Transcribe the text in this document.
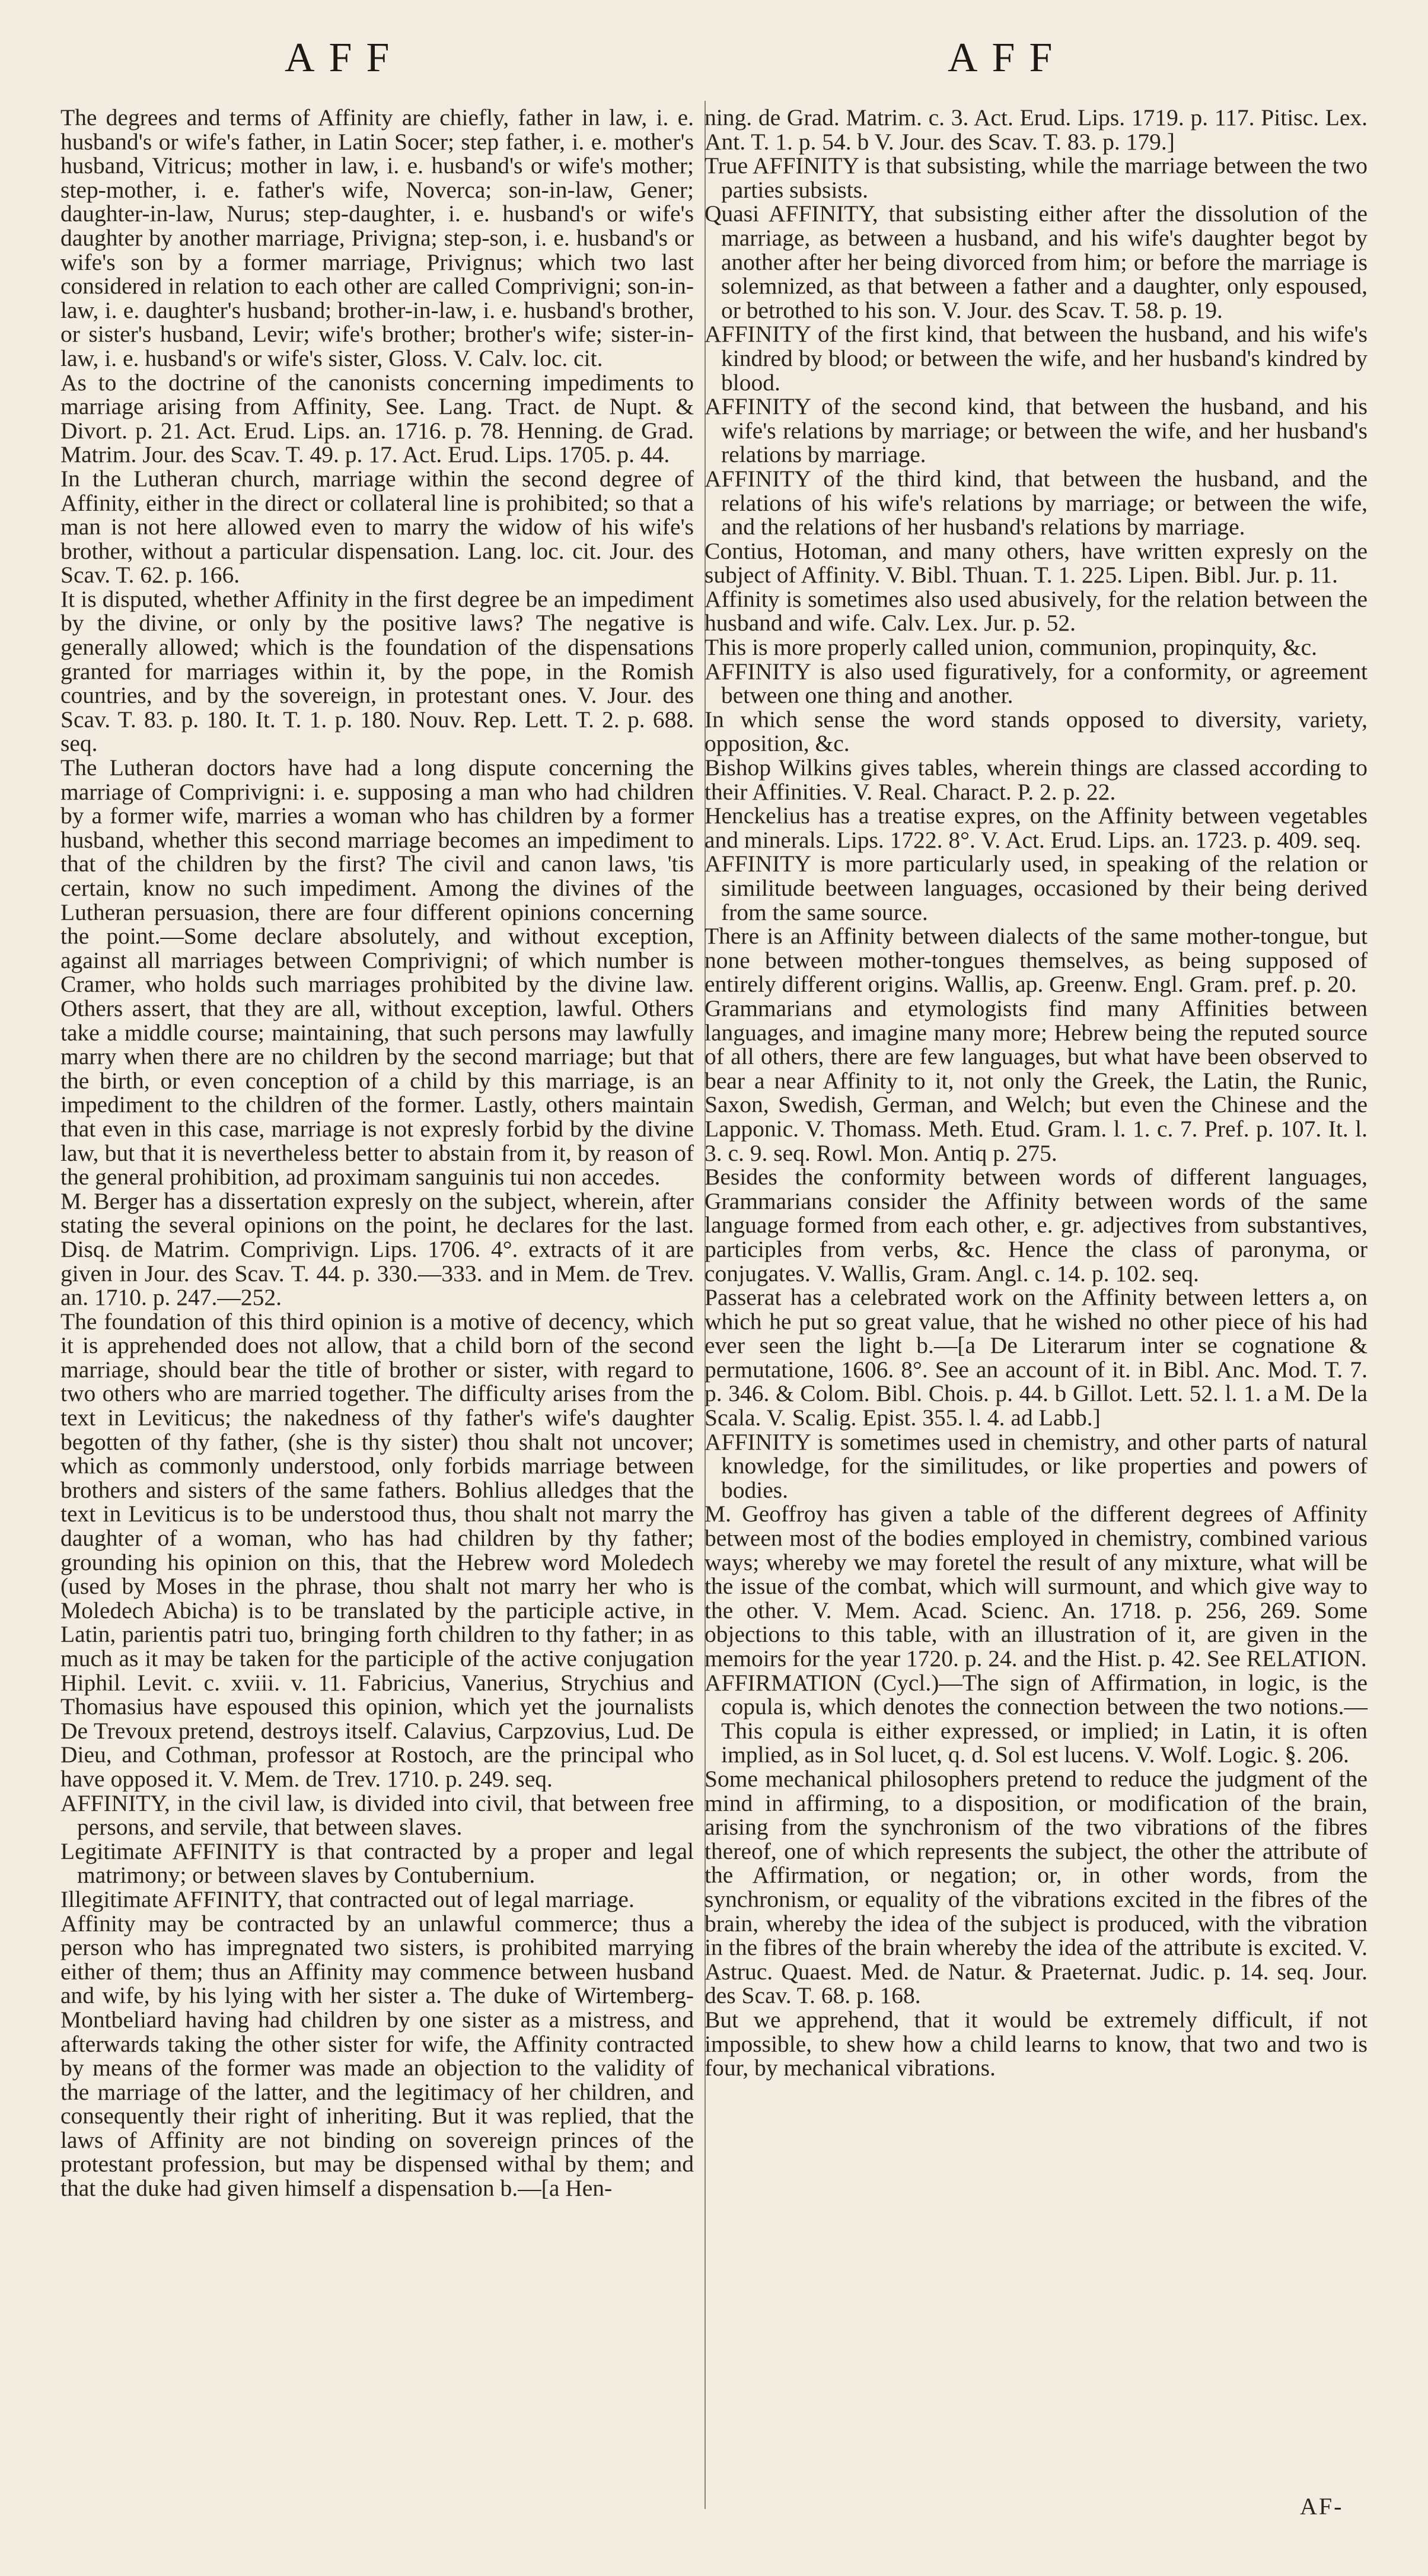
AFF	AFF

The degrees and terms of Affinity are chiefly, father in law, i. e. husband's or wife's father, in Latin Socer; step father, i. e. mother's husband, Vitricus; mother in law, i. e. husband's or wife's mother; step-mother, i. e. father's wife, Noverca; son-in-law, Gener; daughter-in-law, Nurus; step-daughter, i. e. husband's or wife's daughter by another marriage, Privigna; step-son, i. e. husband's or wife's son by a former marriage, Privignus; which two last considered in relation to each other are called Comprivigni; son-in-law, i. e. daughter's husband; brother-in-law, i. e. husband's brother, or sister's husband, Levir; wife's brother; brother's wife; sister-in-law, i. e. husband's or wife's sister, Gloss. V. Calv. loc. cit.

As to the doctrine of the canonists concerning impediments to marriage arising from Affinity, See. Lang. Tract. de Nupt. & Divort. p. 21. Act. Erud. Lips. an. 1716. p. 78. Henning. de Grad. Matrim. Jour. des Scav. T. 49. p. 17. Act. Erud. Lips. 1705. p. 44.

In the Lutheran church, marriage within the second degree of Affinity, either in the direct or collateral line is prohibited; so that a man is not here allowed even to marry the widow of his wife's brother, without a particular dispensation. Lang. loc. cit. Jour. des Scav. T. 62. p. 166.

It is disputed, whether Affinity in the first degree be an impediment by the divine, or only by the positive laws? The negative is generally allowed; which is the foundation of the dispensations granted for marriages within it, by the pope, in the Romish countries, and by the sovereign, in protestant ones. V. Jour. des Scav. T. 83. p. 180. It. T. 1. p. 180. Nouv. Rep. Lett. T. 2. p. 688. seq.

The Lutheran doctors have had a long dispute concerning the marriage of Comprivigni: i. e. supposing a man who had children by a former wife, marries a woman who has children by a former husband, whether this second marriage becomes an impediment to that of the children by the first? The civil and canon laws, 'tis certain, know no such impediment. Among the divines of the Lutheran persuasion, there are four different opinions concerning the point.—Some declare absolutely, and without exception, against all marriages between Comprivigni; of which number is Cramer, who holds such marriages prohibited by the divine law. Others assert, that they are all, without exception, lawful. Others take a middle course; maintaining, that such persons may lawfully marry when there are no children by the second marriage; but that the birth, or even conception of a child by this marriage, is an impediment to the children of the former. Lastly, others maintain that even in this case, marriage is not expresly forbid by the divine law, but that it is nevertheless better to abstain from it, by reason of the general prohibition, ad proximam sanguinis tui non accedes.

M. Berger has a dissertation expresly on the subject, wherein, after stating the several opinions on the point, he declares for the last. Disq. de Matrim. Comprivign. Lips. 1706. 4°. extracts of it are given in Jour. des Scav. T. 44. p. 330.—333. and in Mem. de Trev. an. 1710. p. 247.—252.

The foundation of this third opinion is a motive of decency, which it is apprehended does not allow, that a child born of the second marriage, should bear the title of brother or sister, with regard to two others who are married together. The difficulty arises from the text in Leviticus; the nakedness of thy father's wife's daughter begotten of thy father, (she is thy sister) thou shalt not uncover; which as commonly understood, only forbids marriage between brothers and sisters of the same fathers. Bohlius alledges that the text in Leviticus is to be understood thus, thou shalt not marry the daughter of a woman, who has had children by thy father; grounding his opinion on this, that the Hebrew word Moledech (used by Moses in the phrase, thou shalt not marry her who is Moledech Abicha) is to be translated by the participle active, in Latin, parientis patri tuo, bringing forth children to thy father; in as much as it may be taken for the participle of the active conjugation Hiphil. Levit. c. xviii. v. 11. Fabricius, Vanerius, Strychius and Thomasius have espoused this opinion, which yet the journalists De Trevoux pretend, destroys itself. Calavius, Carpzovius, Lud. De Dieu, and Cothman, professor at Rostoch, are the principal who have opposed it. V. Mem. de Trev. 1710. p. 249. seq.

AFFINITY, in the civil law, is divided into civil, that between free persons, and servile, that between slaves.

Legitimate AFFINITY is that contracted by a proper and legal matrimony; or between slaves by Contubernium.

Illegitimate AFFINITY, that contracted out of legal marriage.

Affinity may be contracted by an unlawful commerce; thus a person who has impregnated two sisters, is prohibited marrying either of them; thus an Affinity may commence between husband and wife, by his lying with her sister a. The duke of Wirtemberg-Montbeliard having had children by one sister as a mistress, and afterwards taking the other sister for wife, the Affinity contracted by means of the former was made an objection to the validity of the marriage of the latter, and the legitimacy of her children, and consequently their right of inheriting. But it was replied, that the laws of Affinity are not binding on sovereign princes of the protestant profession, but may be dispensed withal by them; and that the duke had given himself a dispensation b.—[a Hen-

ning. de Grad. Matrim. c. 3. Act. Erud. Lips. 1719. p. 117. Pitisc. Lex. Ant. T. 1. p. 54. b V. Jour. des Scav. T. 83. p. 179.]

True AFFINITY is that subsisting, while the marriage between the two parties subsists.

Quasi AFFINITY, that subsisting either after the dissolution of the marriage, as between a husband, and his wife's daughter begot by another after her being divorced from him; or before the marriage is solemnized, as that between a father and a daughter, only espoused, or betrothed to his son. V. Jour. des Scav. T. 58. p. 19.

AFFINITY of the first kind, that between the husband, and his wife's kindred by blood; or between the wife, and her husband's kindred by blood.

AFFINITY of the second kind, that between the husband, and his wife's relations by marriage; or between the wife, and her husband's relations by marriage.

AFFINITY of the third kind, that between the husband, and the relations of his wife's relations by marriage; or between the wife, and the relations of her husband's relations by marriage.

Contius, Hotoman, and many others, have written expresly on the subject of Affinity. V. Bibl. Thuan. T. 1. 225. Lipen. Bibl. Jur. p. 11.

Affinity is sometimes also used abusively, for the relation between the husband and wife. Calv. Lex. Jur. p. 52.

This is more properly called union, communion, propinquity, &c.

AFFINITY is also used figuratively, for a conformity, or agreement between one thing and another.

In which sense the word stands opposed to diversity, variety, opposition, &c.

Bishop Wilkins gives tables, wherein things are classed according to their Affinities. V. Real. Charact. P. 2. p. 22.

Henckelius has a treatise expres, on the Affinity between vegetables and minerals. Lips. 1722. 8°. V. Act. Erud. Lips. an. 1723. p. 409. seq.

AFFINITY is more particularly used, in speaking of the relation or similitude beetween languages, occasioned by their being derived from the same source.

There is an Affinity between dialects of the same mother-tongue, but none between mother-tongues themselves, as being supposed of entirely different origins. Wallis, ap. Greenw. Engl. Gram. pref. p. 20.

Grammarians and etymologists find many Affinities between languages, and imagine many more; Hebrew being the reputed source of all others, there are few languages, but what have been observed to bear a near Affinity to it, not only the Greek, the Latin, the Runic, Saxon, Swedish, German, and Welch; but even the Chinese and the Lapponic. V. Thomass. Meth. Etud. Gram. l. 1. c. 7. Pref. p. 107. It. l. 3. c. 9. seq. Rowl. Mon. Antiq p. 275.

Besides the conformity between words of different languages, Grammarians consider the Affinity between words of the same language formed from each other, e. gr. adjectives from substantives, participles from verbs, &c. Hence the class of paronyma, or conjugates. V. Wallis, Gram. Angl. c. 14. p. 102. seq.

Passerat has a celebrated work on the Affinity between letters a, on which he put so great value, that he wished no other piece of his had ever seen the light b.—[a De Literarum inter se cognatione & permutatione, 1606. 8°. See an account of it. in Bibl. Anc. Mod. T. 7. p. 346. & Colom. Bibl. Chois. p. 44. b Gillot. Lett. 52. l. 1. a M. De la Scala. V. Scalig. Epist. 355. l. 4. ad Labb.]

AFFINITY is sometimes used in chemistry, and other parts of natural knowledge, for the similitudes, or like properties and powers of bodies.

M. Geoffroy has given a table of the different degrees of Affinity between most of the bodies employed in chemistry, combined various ways; whereby we may foretel the result of any mixture, what will be the issue of the combat, which will surmount, and which give way to the other. V. Mem. Acad. Scienc. An. 1718. p. 256, 269. Some objections to this table, with an illustration of it, are given in the memoirs for the year 1720. p. 24. and the Hist. p. 42. See RELATION.

AFFIRMATION (Cycl.)—The sign of Affirmation, in logic, is the copula is, which denotes the connection between the two notions.—This copula is either expressed, or implied; in Latin, it is often implied, as in Sol lucet, q. d. Sol est lucens. V. Wolf. Logic. §. 206.

Some mechanical philosophers pretend to reduce the judgment of the mind in affirming, to a disposition, or modification of the brain, arising from the synchronism of the two vibrations of the fibres thereof, one of which represents the subject, the other the attribute of the Affirmation, or negation; or, in other words, from the synchronism, or equality of the vibrations excited in the fibres of the brain, whereby the idea of the subject is produced, with the vibration in the fibres of the brain whereby the idea of the attribute is excited. V. Astruc. Quaest. Med. de Natur. & Praeternat. Judic. p. 14. seq. Jour. des Scav. T. 68. p. 168.

But we apprehend, that it would be extremely difficult, if not impossible, to shew how a child learns to know, that two and two is four, by mechanical vibrations.

AF-
